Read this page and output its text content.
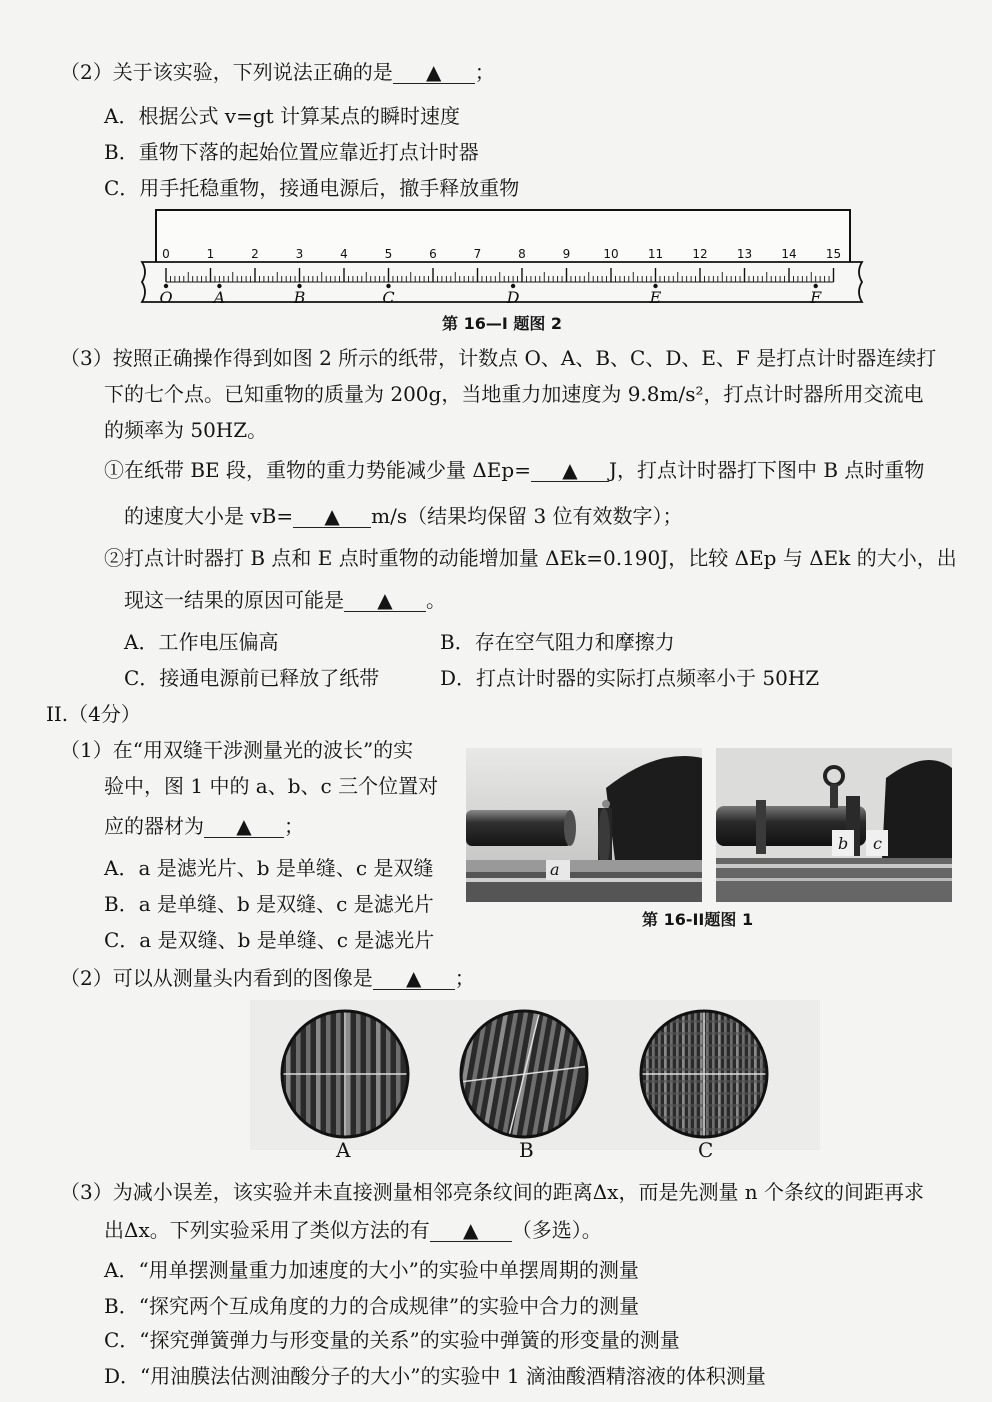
（2）关于该实验，下列说法正确的是 ▲ ；
A．根据公式 v=gt 计算某点的瞬时速度
B．重物下落的起始位置应靠近打点计时器
C．用手托稳重物，接通电源后，撤手释放重物
0	1	2	3	4	5	6	7	8	9	10 11 12 13 14 15
O	A	B	C	D	E	F
第 16—I 题图 2
（3）按照正确操作得到如图 2 所示的纸带，计数点 O、A、B、C、D、E、F 是打点计时器连续打
下的七个点。已知重物的质量为 200g，当地重力加速度为 9.8m/s²，打点计时器所用交流电
的频率为 50HZ。
①在纸带 BE 段，重物的重力势能减少量 ΔEp= ▲ J，打点计时器打下图中 B 点时重物
的速度大小是 vB= ▲ m/s（结果均保留 3 位有效数字）；
②打点计时器打 B 点和 E 点时重物的动能增加量 ΔEk=0.190J，比较 ΔEp 与 ΔEk 的大小，出
现这一结果的原因可能是 ▲ 。
A．工作电压偏高	B．存在空气阻力和摩擦力
C．接通电源前已释放了纸带	D．打点计时器的实际打点频率小于 50HZ
II.（4分）
（1）在“用双缝干涉测量光的波长”的实
验中，图 1 中的 a、b、c 三个位置对
应的器材为 ▲ ；
A．a 是滤光片、b 是单缝、c 是双缝
B．a 是单缝、b 是双缝、c 是滤光片
C．a 是双缝、b 是单缝、c 是滤光片
a
b c
第 16-II题图 1
（2）可以从测量头内看到的图像是 ▲ ；
A	B	C
（3）为减小误差，该实验并未直接测量相邻亮条纹间的距离Δx，而是先测量 n 个条纹的间距再求
出Δx。下列实验采用了类似方法的有 ▲ （多选）。
A．“用单摆测量重力加速度的大小”的实验中单摆周期的测量
B．“探究两个互成角度的力的合成规律”的实验中合力的测量
C．“探究弹簧弹力与形变量的关系”的实验中弹簧的形变量的测量
D．“用油膜法估测油酸分子的大小”的实验中 1 滴油酸酒精溶液的体积测量
